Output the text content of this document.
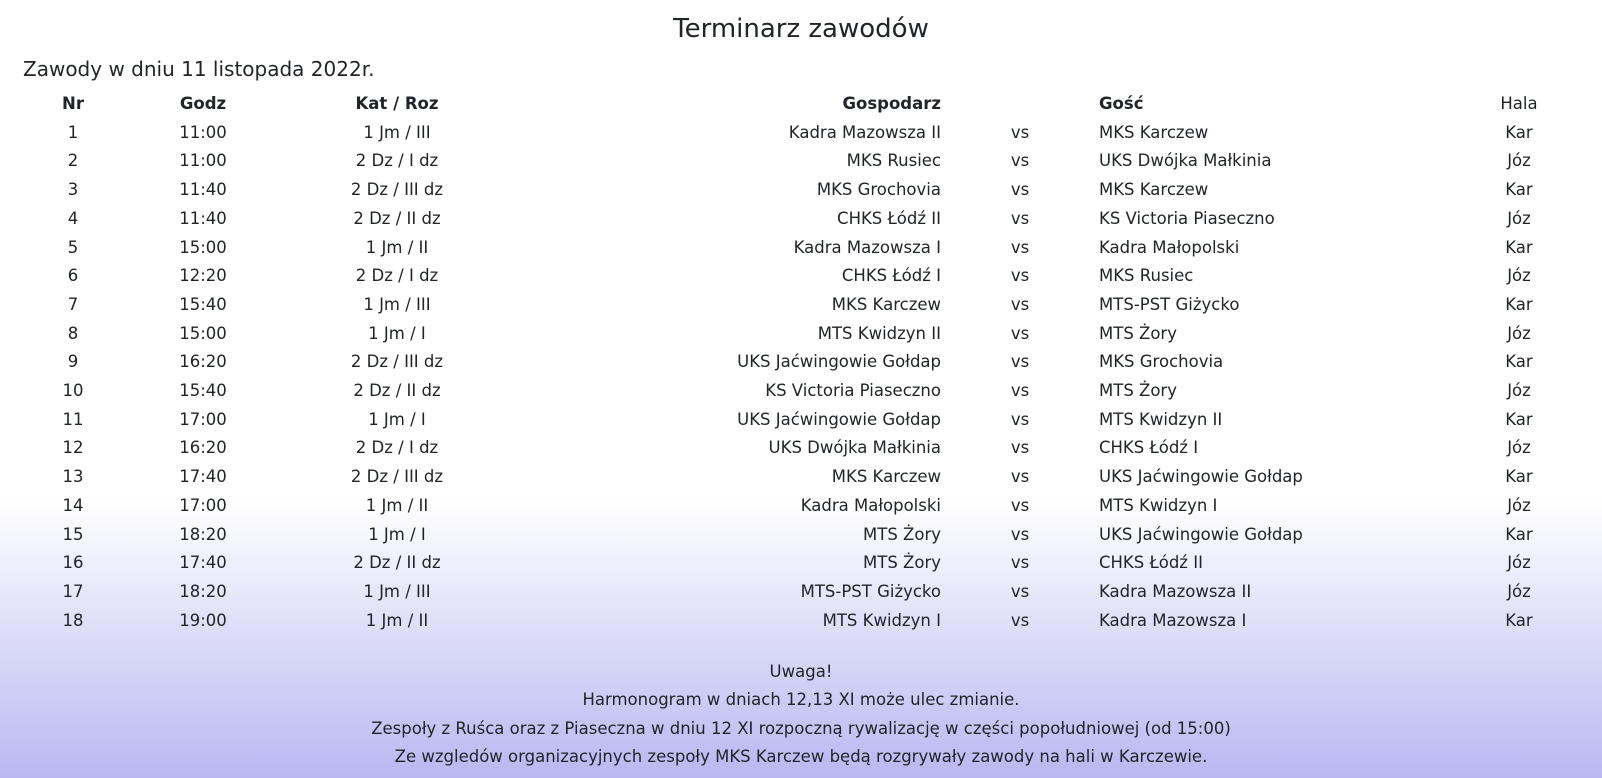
Terminarz zawodów
Zawody w dniu 11 listopada 2022r.
Nr	Godz	Kat / Roz	Gospodarz		Gość	Hala
1	11:00	1 Jm / III	Kadra Mazowsza II	vs	MKS Karczew	Kar
2	11:00	2 Dz / I dz	MKS Rusiec	vs	UKS Dwójka Małkinia	Józ
3	11:40	2 Dz / III dz	MKS Grochovia	vs	MKS Karczew	Kar
4	11:40	2 Dz / II dz	CHKS Łódź II	vs	KS Victoria Piaseczno	Józ
5	15:00	1 Jm / II	Kadra Mazowsza I	vs	Kadra Małopolski	Kar
6	12:20	2 Dz / I dz	CHKS Łódź I	vs	MKS Rusiec	Józ
7	15:40	1 Jm / III	MKS Karczew	vs	MTS-PST Giżycko	Kar
8	15:00	1 Jm / I	MTS Kwidzyn II	vs	MTS Żory	Józ
9	16:20	2 Dz / III dz	UKS Jaćwingowie Gołdap	vs	MKS Grochovia	Kar
10	15:40	2 Dz / II dz	KS Victoria Piaseczno	vs	MTS Żory	Józ
11	17:00	1 Jm / I	UKS Jaćwingowie Gołdap	vs	MTS Kwidzyn II	Kar
12	16:20	2 Dz / I dz	UKS Dwójka Małkinia	vs	CHKS Łódź I	Józ
13	17:40	2 Dz / III dz	MKS Karczew	vs	UKS Jaćwingowie Gołdap	Kar
14	17:00	1 Jm / II	Kadra Małopolski	vs	MTS Kwidzyn I	Józ
15	18:20	1 Jm / I	MTS Żory	vs	UKS Jaćwingowie Gołdap	Kar
16	17:40	2 Dz / II dz	MTS Żory	vs	CHKS Łódź II	Józ
17	18:20	1 Jm / III	MTS-PST Giżycko	vs	Kadra Mazowsza II	Józ
18	19:00	1 Jm / II	MTS Kwidzyn I	vs	Kadra Mazowsza I	Kar

Uwaga!

Harmonogram w dniach 12,13 XI może ulec zmianie.

Zespoły z Ruśca oraz z Piaseczna w dniu 12 XI rozpoczną rywalizację w części popołudniowej (od 15:00)

Ze wzgledów organizacyjnych zespoły MKS Karczew będą rozgrywały zawody na hali w Karczewie.
